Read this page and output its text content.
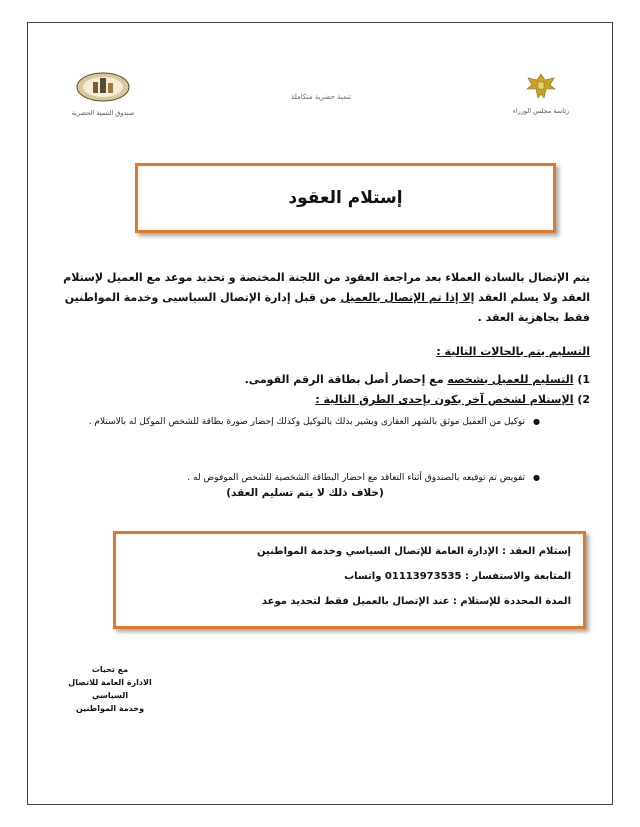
رئاسة مجلس الوزراء
تنمية حضرية متكاملة
صندوق التنمية الحضرية
إستلام العقود
يتم الإتصال بالسادة العملاء بعد مراجعة العقود من اللجنة المختصة و تحديد موعد مع العميل لإستلام العقد ولا يسلم العقد إلا إذا تم الإتصال بالعميل من قبل إدارة الإتصال السياسيى وخدمة المواطنين فقط بجاهزية العقد .
التسليم يتم بالحالات التالية :
1) التسليم للعميل بشخصه مع إحضار أصل بطاقة الرقم القومى.
2) الإستلام لشخص آخر يكون بإحدى الطرق التالية :
●توكيل من العميل موثق بالشهر العقارى ويشير بذلك بالتوكيل وكذلك إحضار صورة بطاقة للشخص الموكل له بالاستلام .
●تفويض تم توقيعه بالصندوق أثناء التعاقد مع احضار البطاقة الشخصية للشخص الموفوض له .
(خلاف ذلك لا يتم تسليم العقد)
إستلام العقد : الإدارة العامة للإتصال السياسي وخدمة المواطنين
المتابعة والاستفسار : 01113973535 واتساب
المدة المحددة للإستلام : عند الإتصال بالعميل فقط لتحديد موعد
مع تحيات
الادارة العامة للاتصال السياسي
وخدمة المواطنين
